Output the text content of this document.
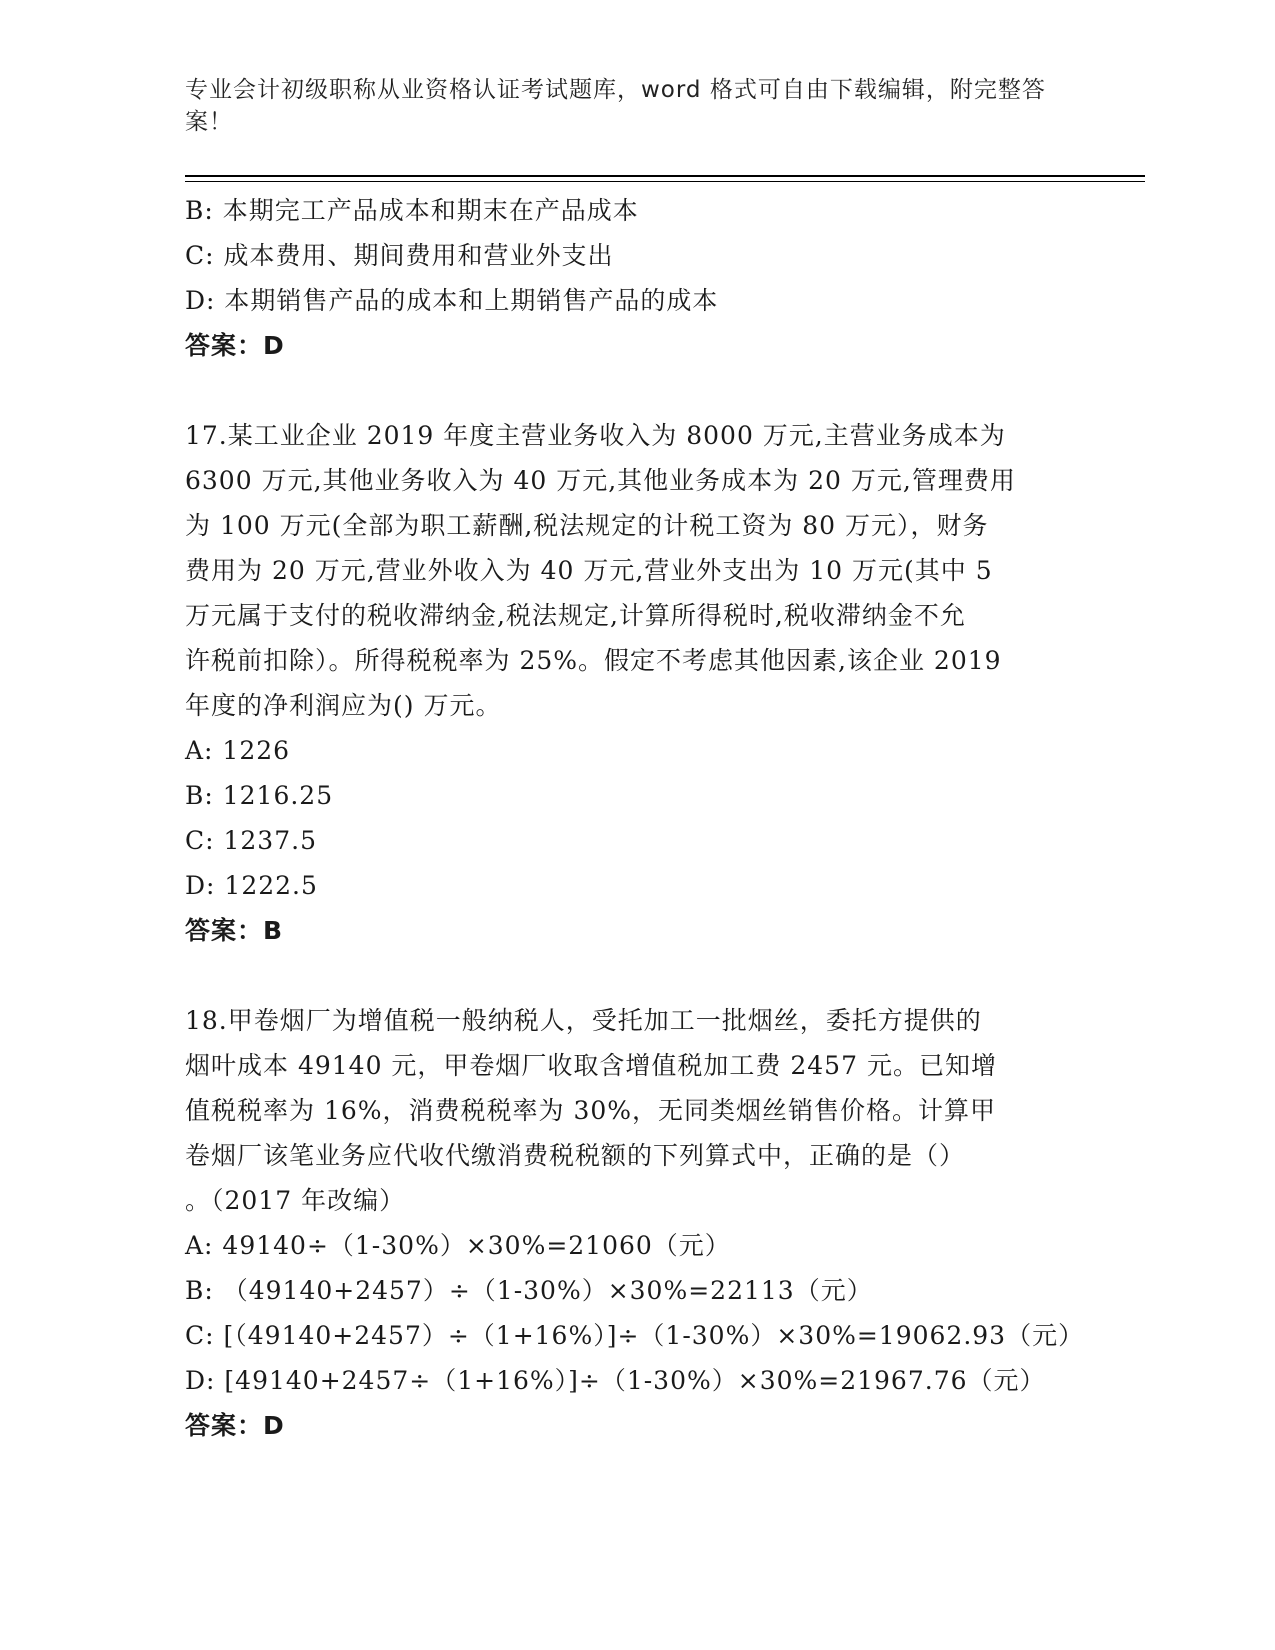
专业会计初级职称从业资格认证考试题库，word 格式可自由下载编辑，附完整答案！
B: 本期完工产品成本和期末在产品成本
C: 成本费用、期间费用和营业外支出
D: 本期销售产品的成本和上期销售产品的成本
答案：D
17.某工业企业 2019 年度主营业务收入为 8000 万元,主营业务成本为
6300 万元,其他业务收入为 40 万元,其他业务成本为 20 万元,管理费用
为 100 万元(全部为职工薪酬,税法规定的计税工资为 80 万元），财务
费用为 20 万元,营业外收入为 40 万元,营业外支出为 10 万元(其中 5
万元属于支付的税收滞纳金,税法规定,计算所得税时,税收滞纳金不允
许税前扣除）。所得税税率为 25%。假定不考虑其他因素,该企业 2019
年度的净利润应为() 万元。
A: 1226
B: 1216.25
C: 1237.5
D: 1222.5
答案：B
18.甲卷烟厂为增值税一般纳税人，受托加工一批烟丝，委托方提供的
烟叶成本 49140 元，甲卷烟厂收取含增值税加工费 2457 元。已知增
值税税率为 16%，消费税税率为 30%，无同类烟丝销售价格。计算甲
卷烟厂该笔业务应代收代缴消费税税额的下列算式中，正确的是（）
。（2017 年改编）
A: 49140÷（1-30%）×30%=21060（元）
B: （49140+2457）÷（1-30%）×30%=22113（元）
C: [（49140+2457）÷（1+16%）]÷（1-30%）×30%=19062.93（元）
D: [49140+2457÷（1+16%）]÷（1-30%）×30%=21967.76（元）
答案：D
